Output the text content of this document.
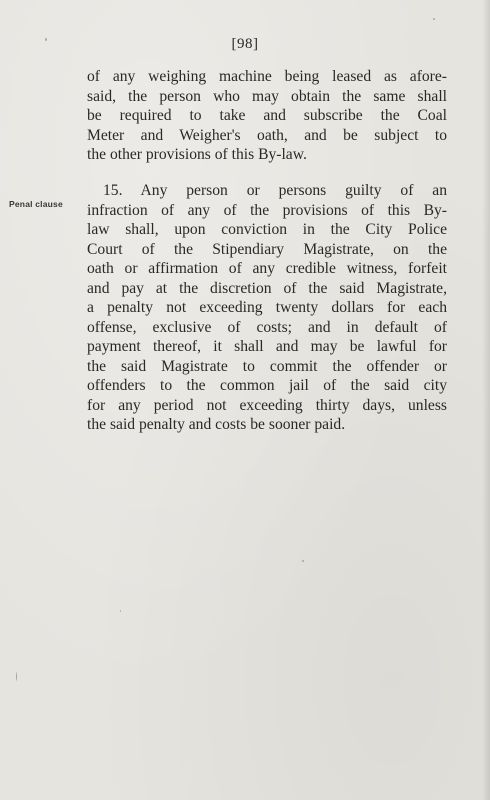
[98]
of any weighing machine being leased as afore-
said, the person who may obtain the same shall
be required to take and subscribe the Coal
Meter and Weigher's oath, and be subject to
the other provisions of this By-law.
Penal clause
15. Any person or persons guilty of an
infraction of any of the provisions of this By-
law shall, upon conviction in the City Police
Court of the Stipendiary Magistrate, on the
oath or affirmation of any credible witness, forfeit
and pay at the discretion of the said Magistrate,
a penalty not exceeding twenty dollars for each
offense, exclusive of costs; and in default of
payment thereof, it shall and may be lawful for
the said Magistrate to commit the offender or
offenders to the common jail of the said city
for any period not exceeding thirty days, unless
the said penalty and costs be sooner paid.
